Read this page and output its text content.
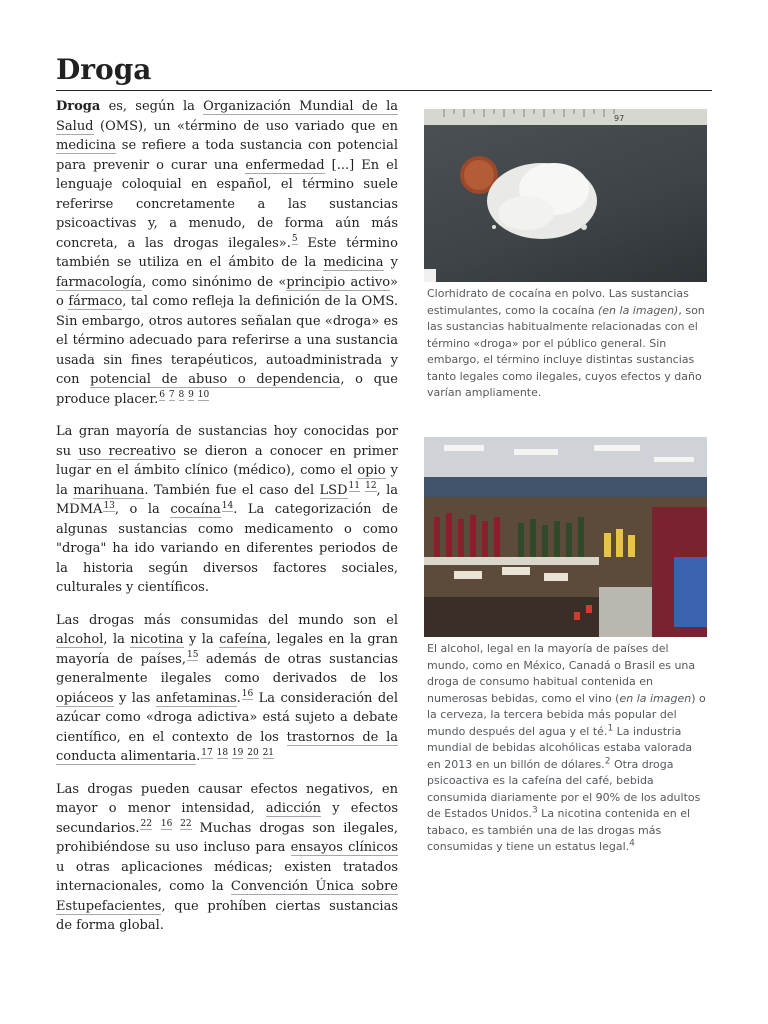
Droga

Droga es, según la Organización Mundial de la Salud (OMS), un «término de uso variado que en medicina se refiere a toda sustancia con potencial para prevenir o curar una enfermedad [...] En el lenguaje coloquial en español, el término suele referirse concretamente a las sustancias psicoactivas y, a menudo, de forma aún más concreta, a las drogas ilegales».$^5$ Este término también se utiliza en el ámbito de la medicina y farmacología, como sinónimo de «principio activo» o fármaco, tal como refleja la definición de la OMS. Sin embargo, otros autores señalan que «droga» es el término adecuado para referirse a una sustancia usada sin fines terapéuticos, autoadministrada y con potencial de abuso o dependencia, o que produce placer.$^{6 7 8 9 10}$

La gran mayoría de sustancias hoy conocidas por su uso recreativo se dieron a conocer en primer lugar en el ámbito clínico (médico), como el opio y la marihuana. También fue el caso del $LSD^{11 12}$, la MDMA$^{13}$, o la cocaína$^{14}$. La categorización de algunas sustancias como medicamento o como "droga" ha ido variando en diferentes periodos de la historia según diversos factores sociales, culturales y científicos.

Las drogas más consumidas del mundo son el alcohol, la nicotina y la cafeína, legales en la gran mayoría de países,$^{15}$ además de otras sustancias generalmente ilegales como derivados de los opiáceos y las anfetaminas.$^{16}$ La consideración del azúcar como «droga adictiva» está sujeto a debate científico, en el contexto de los trastornos de la conducta alimentaria.$^{17 18 19 20 21}$

Las drogas pueden causar efectos negativos, en mayor o menor intensidad, adicción y efectos secundarios.$^{22}$ $^{16 22}$ Muchas drogas son ilegales, prohibiéndose su uso incluso para ensayos clínicos u otras aplicaciones médicas; existen tratados internacionales, como la Convención Única sobre Estupefacientes, que prohíben ciertas sustancias de forma global.

97
Clorhidrato de cocaína en polvo. Las sustancias estimulantes, como la cocaína (en la imagen), son las sustancias habitualmente relacionadas con el término «droga» por el público general. Sin embargo, el término incluye distintas sustancias tanto legales como ilegales, cuyos efectos y daño varían ampliamente.
El alcohol, legal en la mayoría de países del mundo, como en México, Canadá o Brasil es una droga de consumo habitual contenida en numerosas bebidas, como el vino (en la imagen) o la cerveza, la tercera bebida más popular del mundo después del agua y el té.$^1$ La industria mundial de bebidas alcohólicas estaba valorada en 2013 en un billón de dólares.$^2$ Otra droga psicoactiva es la cafeína del café, bebida consumida diariamente por el 90% de los adultos de Estados Unidos.$^3$ La nicotina contenida en el tabaco, es también una de las drogas más consumidas y tiene un estatus legal.$^4$
